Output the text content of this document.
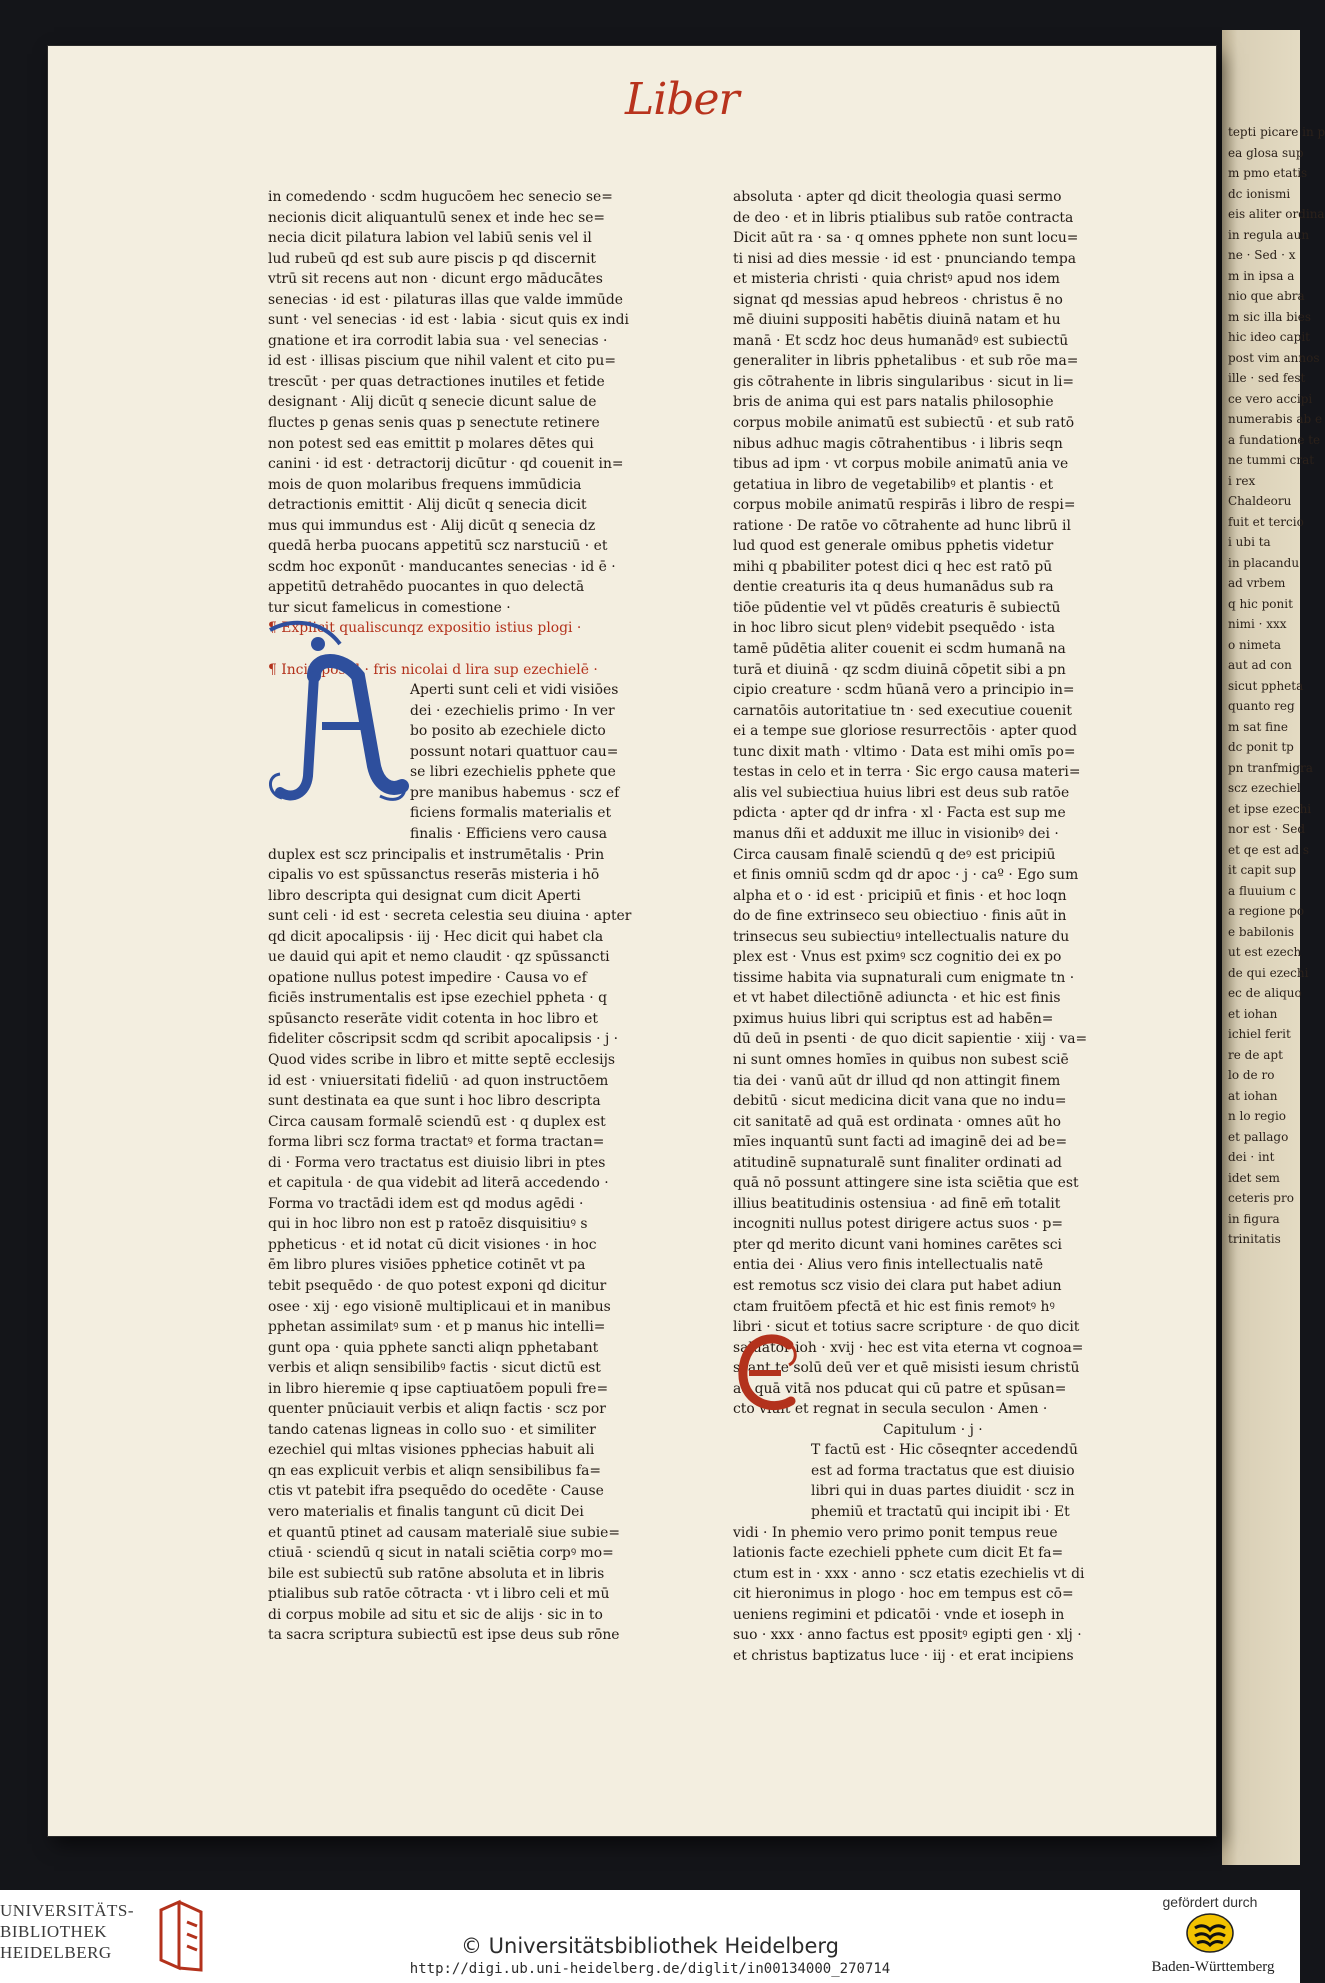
tepti picare in p
ea glosa sup
m pmo etatis
dc ionismi
eis aliter ordina
in regula aun
ne · Sed · x
m in ipsa a
nio que abra
m sic illa bies
hic ideo capit
post vim annos
ille · sed fest
ce vero accipi
numerabis ab e
a fundatione te
ne tummi crat
i rex
Chaldeoru
fuit et tercio
i ubi ta
in placandu
ad vrbem
q hic ponit
nimi · xxx
o nimeta
aut ad con
sicut ppheta
quanto reg
m sat fine
dc ponit tp
pn tranfmigra
scz ezechiel
et ipse ezechi
nor est · Sed
et qe est ad s
it capit sup
a fluuium c
a regione po
e babilonis
ut est ezech
de qui ezechi
ec de aliquo
et iohan
ichiel ferit
re de apt
lo de ro
at iohan
n lo regio
et pallago
dei · int
idet sem
ceteris pro
in figura
trinitatis
Liber
in comedendo · scdm hugucōem hec senecio se=
necionis dicit aliquantulū senex et inde hec se=
necia dicit pilatura labion vel labiū senis vel il
lud rubeū qd est sub aure piscis p qd discernit
vtrū sit recens aut non · dicunt ergo māducātes
senecias · id est · pilaturas illas que valde immūde
sunt · vel senecias · id est · labia · sicut quis ex indi
gnatione et ira corrodit labia sua · vel senecias ·
id est · illisas piscium que nihil valent et cito pu=
trescūt · per quas detractiones inutiles et fetide
designant · Alij dicūt q senecie dicunt salue de
fluctes p genas senis quas p senectute retinere
non potest sed eas emittit p molares dētes qui
canini · id est · detractorij dicūtur · qd couenit in=
mois de quon molaribus frequens immūdicia
detractionis emittit · Alij dicūt q senecia dicit
mus qui immundus est · Alij dicūt q senecia dz
quedā herba puocans appetitū scz narstuciū · et
scdm hoc exponūt · manducantes senecias · id ē ·
appetitū detrahēdo puocantes in quo delectā
tur sicut famelicus in comestione ·
¶ Explicit qualiscunqz expositio istius plogi ·
¶ Incip postil · fris nicolai d lira sup ezechielē ·
Aperti sunt celi et vidi visiōes
dei · ezechielis primo · In ver
bo posito ab ezechiele dicto
possunt notari quattuor cau=
se libri ezechielis pphete que
pre manibus habemus · scz ef
ficiens formalis materialis et
finalis · Efficiens vero causa
duplex est scz principalis et instrumētalis · Prin
cipalis vo est spūssanctus reserās misteria i hō
libro descripta qui designat cum dicit Aperti
sunt celi · id est · secreta celestia seu diuina · apter
qd dicit apocalipsis · iij · Hec dicit qui habet cla
ue dauid qui apit et nemo claudit · qz spūssancti
opatione nullus potest impedire · Causa vo ef
ficiēs instrumentalis est ipse ezechiel ppheta · q
spūsancto reserāte vidit cotenta in hoc libro et
fideliter cōscripsit scdm qd scribit apocalipsis · j ·
Quod vides scribe in libro et mitte septē ecclesijs
id est · vniuersitati fideliū · ad quon instructōem
sunt destinata ea que sunt i hoc libro descripta
Circa causam formalē sciendū est · q duplex est
forma libri scz forma tractatꝰ et forma tractan=
di · Forma vero tractatus est diuisio libri in ptes
et capitula · de qua videbit ad literā accedendo ·
Forma vo tractādi idem est qd modus agēdi ·
qui in hoc libro non est p ratoēz disquisitiuꝰ s
ppheticus · et id notat cū dicit visiones · in hoc
ēm libro plures visiōes pphetice cotinēt vt pa
tebit psequēdo · de quo potest exponi qd dicitur
osee · xij · ego visionē multiplicaui et in manibus
pphetan assimilatꝰ sum · et p manus hic intelli=
gunt opa · quia pphete sancti aliqn pphetabant
verbis et aliqn sensibilibꝰ factis · sicut dictū est
in libro hieremie q ipse captiuatōem populi fre=
quenter pnūciauit verbis et aliqn factis · scz por
tando catenas ligneas in collo suo · et similiter
ezechiel qui mltas visiones pphecias habuit ali
qn eas explicuit verbis et aliqn sensibilibus fa=
ctis vt patebit ifra psequēdo do ocedēte · Cause
vero materialis et finalis tangunt cū dicit Dei
et quantū ptinet ad causam materialē siue subie=
ctiuā · sciendū q sicut in natali sciētia corpꝰ mo=
bile est subiectū sub ratōne absoluta et in libris
ptialibus sub ratōe cōtracta · vt i libro celi et mū
di corpus mobile ad situ et sic de alijs · sic in to
ta sacra scriptura subiectū est ipse deus sub rōne
absoluta · apter qd dicit theologia quasi sermo
de deo · et in libris ptialibus sub ratōe contracta
Dicit aūt ra · sa · q omnes pphete non sunt locu=
ti nisi ad dies messie · id est · pnunciando tempa
et misteria christi · quia christꝰ apud nos idem
signat qd messias apud hebreos · christus ē no
mē diuini suppositi habētis diuinā natam et hu
manā · Et scdz hoc deus humanādꝰ est subiectū
generaliter in libris pphetalibus · et sub rōe ma=
gis cōtrahente in libris singularibus · sicut in li=
bris de anima qui est pars natalis philosophie
corpus mobile animatū est subiectū · et sub ratō
nibus adhuc magis cōtrahentibus · i libris seqn
tibus ad ipm · vt corpus mobile animatū ania ve
getatiua in libro de vegetabilibꝰ et plantis · et
corpus mobile animatū respirās i libro de respi=
ratione · De ratōe vo cōtrahente ad hunc librū il
lud quod est generale omibus pphetis videtur
mihi q pbabiliter potest dici q hec est ratō pū
dentie creaturis ita q deus humanādus sub ra
tiōe pūdentie vel vt pūdēs creaturis ē subiectū
in hoc libro sicut plenꝰ videbit psequēdo · ista
tamē pūdētia aliter couenit ei scdm humanā na
turā et diuinā · qz scdm diuinā cōpetit sibi a pn
cipio creature · scdm hūanā vero a principio in=
carnatōis autoritatiue tn · sed executiue couenit
ei a tempe sue gloriose resurrectōis · apter quod
tunc dixit math · vltimo · Data est mihi omīs po=
testas in celo et in terra · Sic ergo causa materi=
alis vel subiectiua huius libri est deus sub ratōe
pdicta · apter qd dr infra · xl · Facta est sup me
manus dñi et adduxit me illuc in visionibꝰ dei ·
Circa causam finalē sciendū q deꝰ est pricipiū
et finis omniū scdm qd dr apoc · j · caº · Ego sum
alpha et o · id est · pricipiū et finis · et hoc loqn
do de fine extrinseco seu obiectiuo · finis aūt in
trinsecus seu subiectiuꝰ intellectualis nature du
plex est · Vnus est pximꝰ scz cognitio dei ex po
tissime habita via supnaturali cum enigmate tn ·
et vt habet dilectiōnē adiuncta · et hic est finis
pximus huius libri qui scriptus est ad habēn=
dū deū in psenti · de quo dicit sapientie · xiij · va=
ni sunt omnes homīes in quibus non subest sciē
tia dei · vanū aūt dr illud qd non attingit finem
debitū · sicut medicina dicit vana que no indu=
cit sanitatē ad quā est ordinata · omnes aūt ho
mīes inquantū sunt facti ad imaginē dei ad be=
atitudinē supnaturalē sunt finaliter ordinati ad
quā nō possunt attingere sine ista sciētia que est
illius beatitudinis ostensiua · ad finē em̄ totalit
incogniti nullus potest dirigere actus suos · p=
pter qd merito dicunt vani homines carētes sci
entia dei · Alius vero finis intellectualis natē
est remotus scz visio dei clara put habet adiun
ctam fruitōem pfectā et hic est finis remotꝰ hꝰ
libri · sicut et totius sacre scripture · de quo dicit
saluator ioh · xvij · hec est vita eterna vt cognoa=
scant te solū deū ver et quē misisti iesum christū
ad quā vitā nos pducat qui cū patre et spūsan=
cto viuit et regnat in secula seculon · Amen ·
Capitulum · j ·
T factū est · Hic cōseqnter accedendū
est ad forma tractatus que est diuisio
libri qui in duas partes diuidit · scz in
phemiū et tractatū qui incipit ibi · Et
vidi · In phemio vero primo ponit tempus reue
lationis facte ezechieli pphete cum dicit Et fa=
ctum est in · xxx · anno · scz etatis ezechielis vt di
cit hieronimus in plogo · hoc em tempus est cō=
ueniens regimini et pdicatōi · vnde et ioseph in
suo · xxx · anno factus est ppositꝰ egipti gen · xlj ·
et christus baptizatus luce · iij · et erat incipiens
UNIVERSITÄTS-
BIBLIOTHEK
HEIDELBERG	© Universitätsbibliothek Heidelberg
http://digi.ub.uni-heidelberg.de/diglit/in00134000_270714
gefördert durch
Baden-Württemberg
